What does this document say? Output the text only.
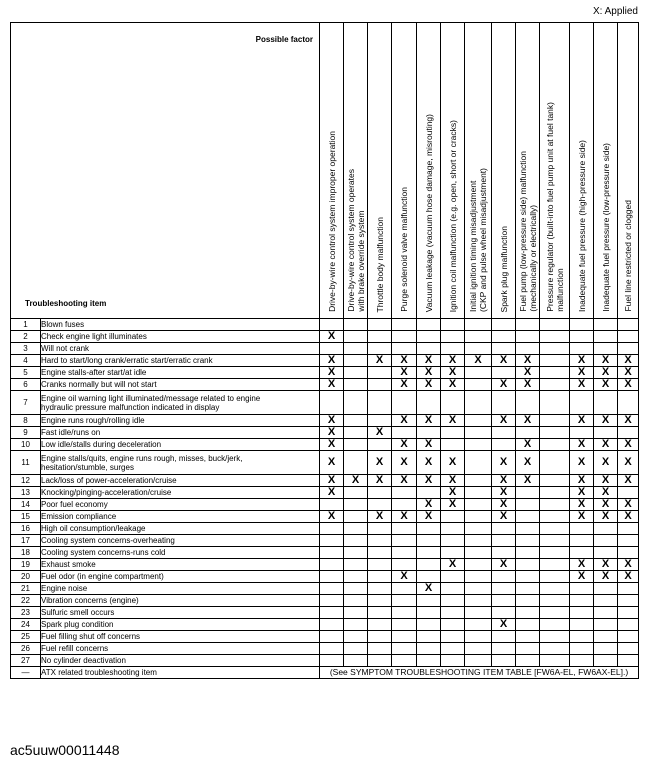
X: Applied
Possible factor
Troubleshooting item		Drive-by-wire control system improper operation	Drive-by-wire control system operates
with brake override system	Throttle body malfunction	Purge solenoid valve malfunction	Vacuum leakage (vacuum hose damage, misrouting)	Ignition coil malfunction (e.g. open, short or cracks)	Initial ignition timing misadjustment
(CKP and pulse wheel misadjustment)	Spark plug malfunction	Fuel pump (low-pressure side) malfunction
(mechanically or electrically)	Pressure regulator (built-into fuel pump unit at fuel tank)
malfunction	Inadequate fuel pressure (high-pressure side)	Inadequate fuel pressure (low-pressure side)	Fuel line restricted or clogged

1	Blown fuses													
2	Check engine light illuminates	X												
3	Will not crank													
4	Hard to start/long crank/erratic start/erratic crank	X		X	X	X	X	X	X	X		X	X	X
5	Engine stalls-after start/at idle	X			X	X	X			X		X	X	X
6	Cranks normally but will not start	X			X	X	X		X	X		X	X	X
7	Engine oil warning light illuminated/message related to engine
hydraulic pressure malfunction indicated in display													
8	Engine runs rough/rolling idle	X			X	X	X		X	X		X	X	X
9	Fast idle/runs on	X		X										
10	Low idle/stalls during deceleration	X			X	X				X		X	X	X
11	Engine stalls/quits, engine runs rough, misses, buck/jerk,
hesitation/stumble, surges	X		X	X	X	X		X	X		X	X	X
12	Lack/loss of power-acceleration/cruise	X	X	X	X	X	X		X	X		X	X	X
13	Knocking/pinging-acceleration/cruise	X					X		X			X	X	
14	Poor fuel economy					X	X		X			X	X	X
15	Emission compliance	X		X	X	X			X			X	X	X
16	High oil consumption/leakage													
17	Cooling system concerns-overheating													
18	Cooling system concerns-runs cold													
19	Exhaust smoke						X		X			X	X	X
20	Fuel odor (in engine compartment)				X							X	X	X
21	Engine noise					X								
22	Vibration concerns (engine)													
23	Sulfuric smell occurs													
24	Spark plug condition								X					
25	Fuel filling shut off concerns													
26	Fuel refill concerns													
27	No cylinder deactivation													
—	ATX related troubleshooting item	(See SYMPTOM TROUBLESHOOTING ITEM TABLE [FW6A-EL, FW6AX-EL].)												
ac5uuw00011448
